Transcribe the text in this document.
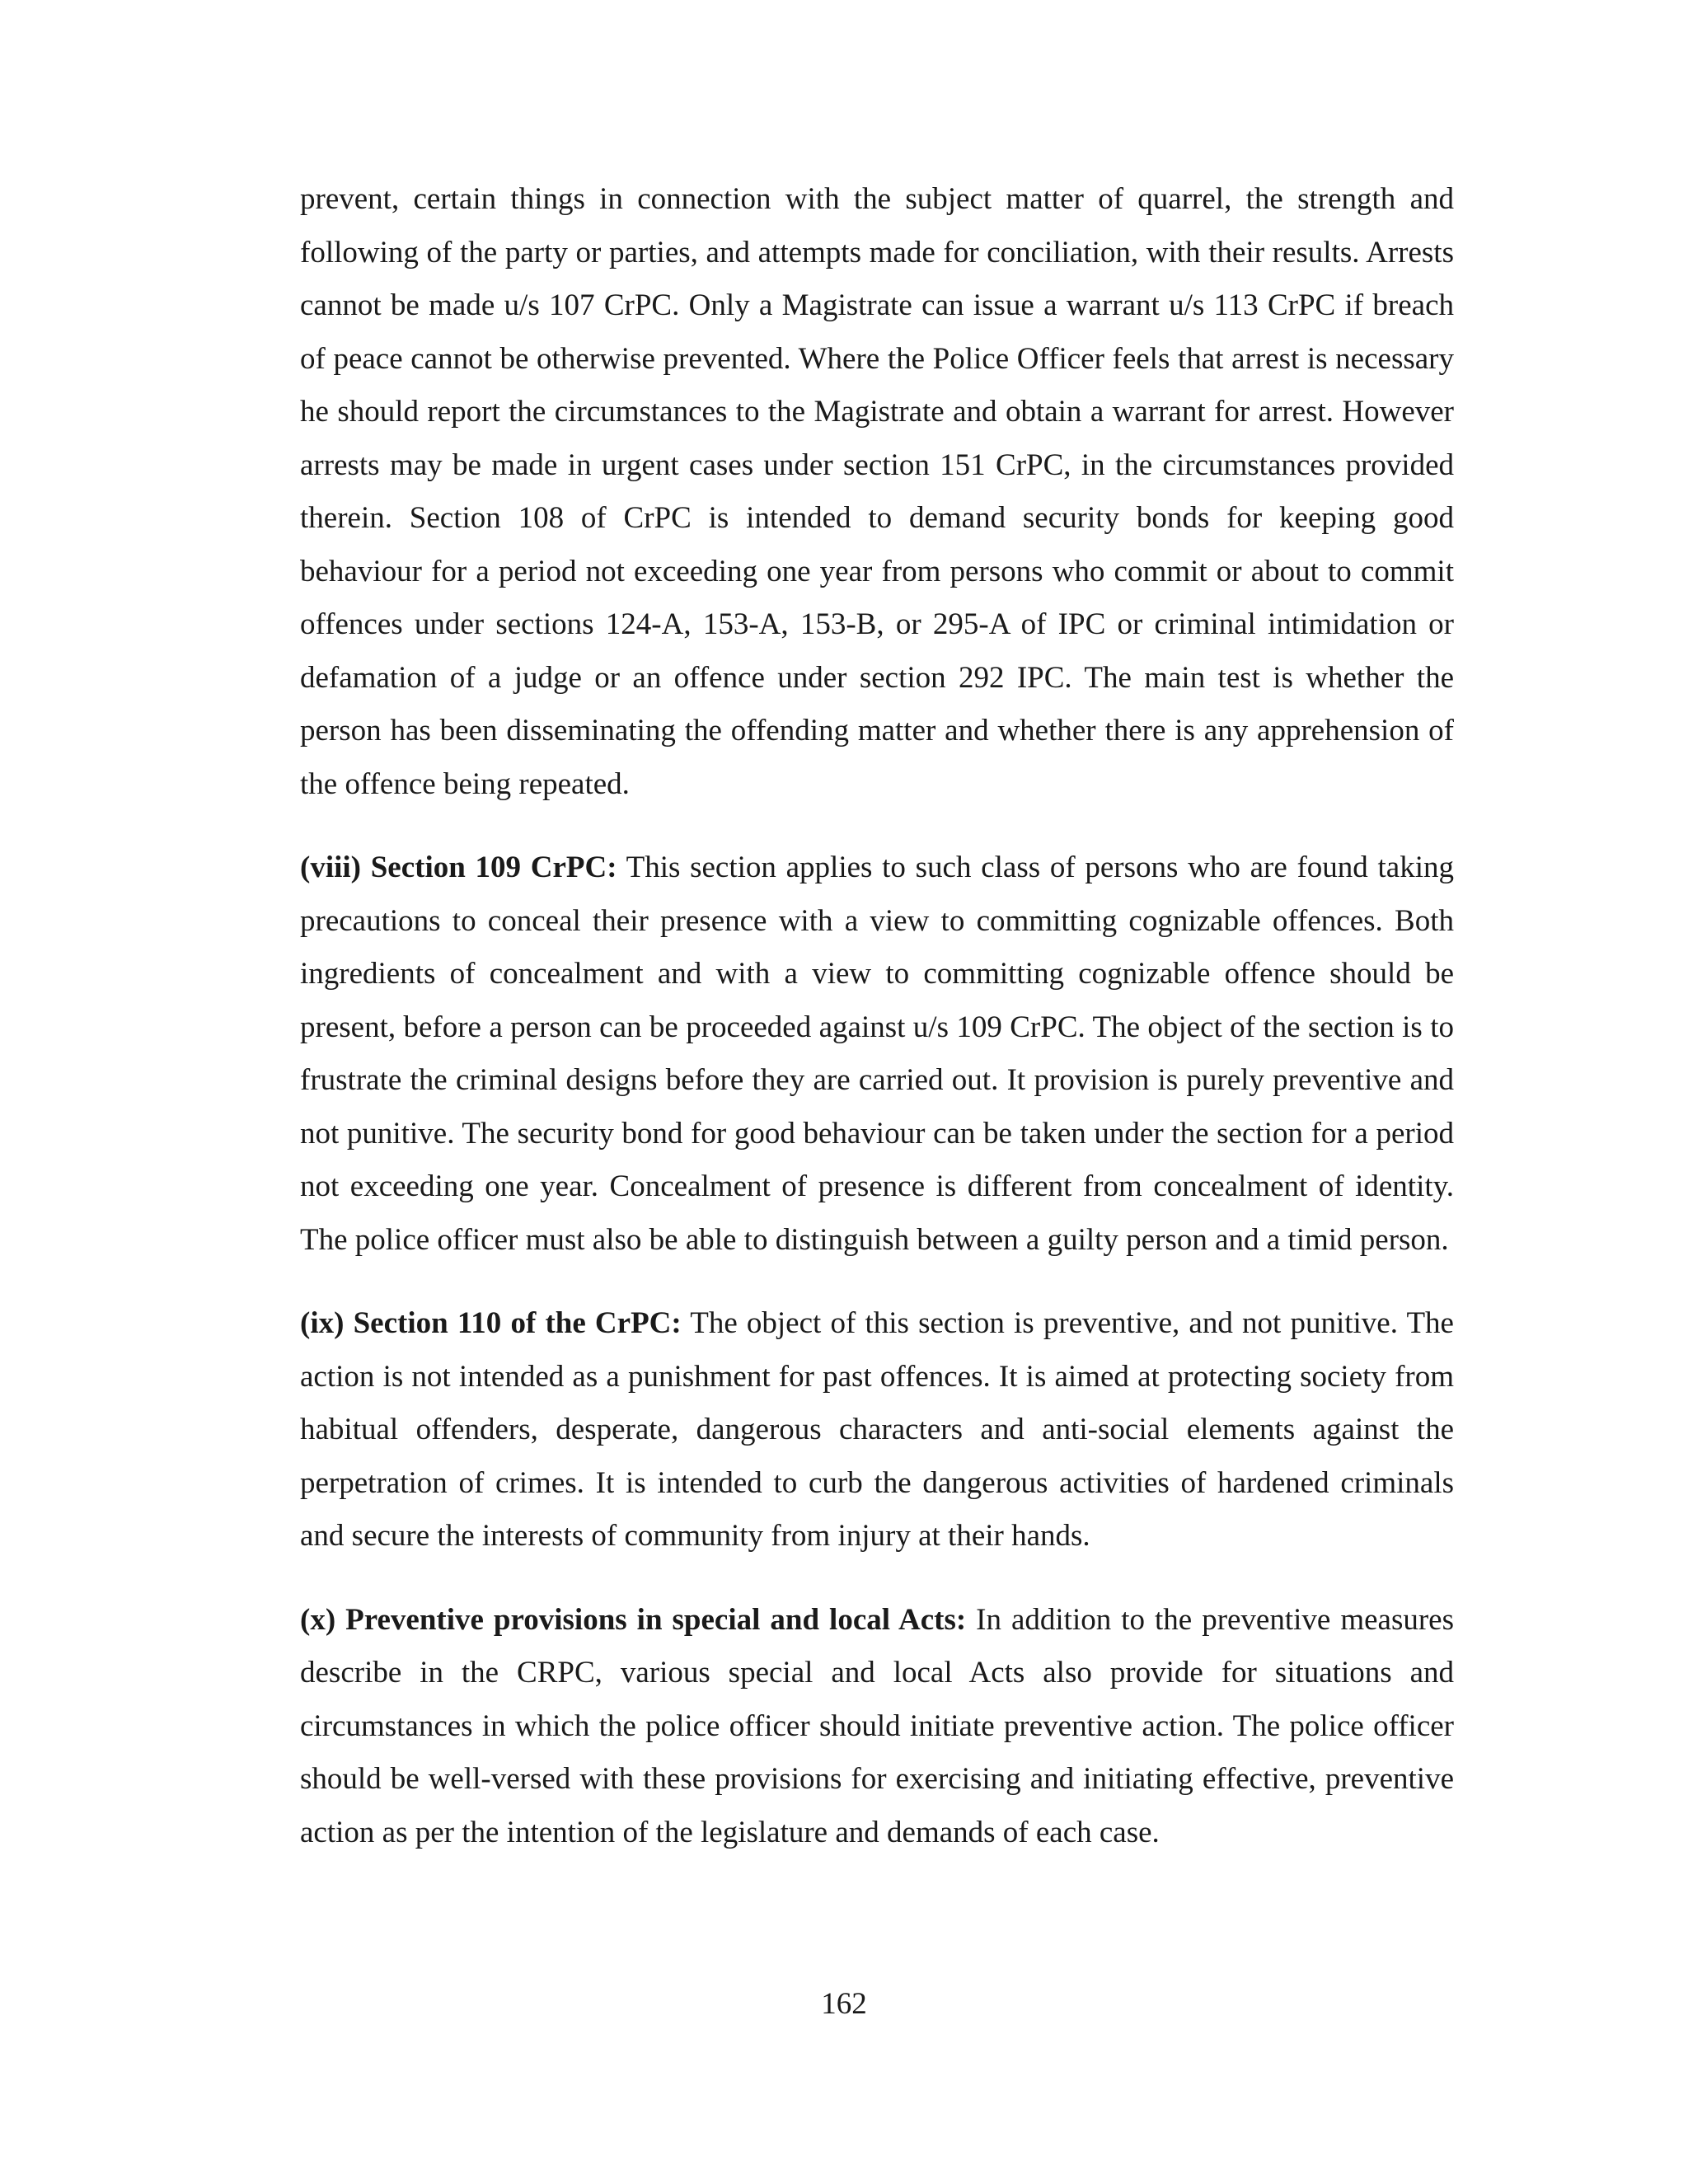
prevent, certain things in connection with the subject matter of quarrel, the strength and following of the party or parties, and attempts made for conciliation, with their results. Arrests cannot be made u/s 107 CrPC. Only a Magistrate can issue a warrant u/s 113 CrPC if breach of peace cannot be otherwise prevented. Where the Police Officer feels that arrest is necessary he should report the circumstances to the Magistrate and obtain a warrant for arrest. However arrests may be made in urgent cases under section 151 CrPC, in the circumstances provided therein. Section 108 of CrPC is intended to demand security bonds for keeping good behaviour for a period not exceeding one year from persons who commit or about to commit offences under sections 124-A, 153-A, 153-B, or 295-A of IPC or criminal intimidation or defamation of a judge or an offence under section 292 IPC. The main test is whether the person has been disseminating the offending matter and whether there is any apprehension of the offence being repeated.

(viii) Section 109 CrPC: This section applies to such class of persons who are found taking precautions to conceal their presence with a view to committing cognizable offences. Both ingredients of concealment and with a view to committing cognizable offence should be present, before a person can be proceeded against u/s 109 CrPC. The object of the section is to frustrate the criminal designs before they are carried out. It provision is purely preventive and not punitive. The security bond for good behaviour can be taken under the section for a period not exceeding one year. Concealment of presence is different from concealment of identity. The police officer must also be able to distinguish between a guilty person and a timid person.

(ix) Section 110 of the CrPC: The object of this section is preventive, and not punitive. The action is not intended as a punishment for past offences. It is aimed at protecting society from habitual offenders, desperate, dangerous characters and anti-social elements against the perpetration of crimes. It is intended to curb the dangerous activities of hardened criminals and secure the interests of community from injury at their hands.

(x) Preventive provisions in special and local Acts: In addition to the preventive measures describe in the CRPC, various special and local Acts also provide for situations and circumstances in which the police officer should initiate preventive action. The police officer should be well-versed with these provisions for exercising and initiating effective, preventive action as per the intention of the legislature and demands of each case.

162
